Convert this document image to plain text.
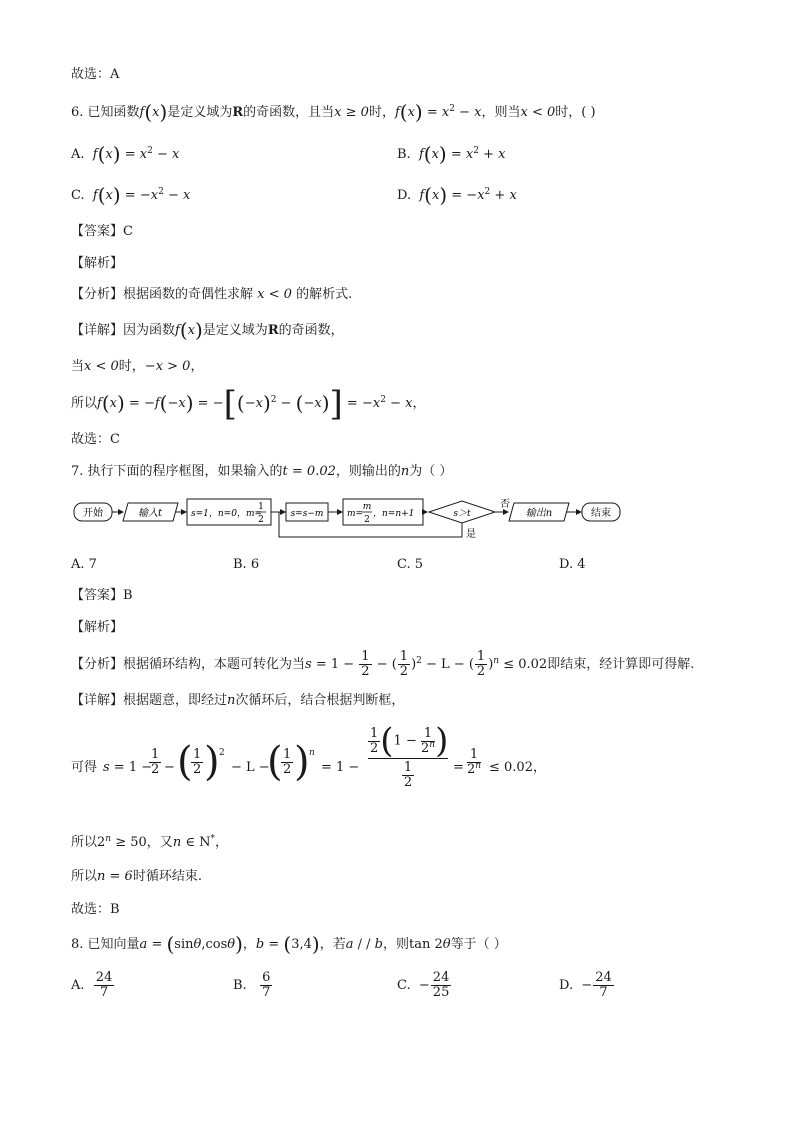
故选：A
6. 已知函数f(x)是定义域为R的奇函数，且当x ≥ 0时，$f(x) = x^2 - x$，则当x < 0时，( )
A. $f(x) = x^2 - x$	B. $f(x) = x^2 + x$
C. $f(x) = -x^2 - x$	D. $f(x) = -x^2 + x$
【答案】C
【解析】
【分析】根据函数的奇偶性求解 x < 0 的解析式.
【详解】因为函数f(x)是定义域为R的奇函数，
当x < 0时，−x > 0，
所以$f(x) = -f(-x) = -[(-x)^2 - (-x)] = -x^2 - x$，
故选：C
7. 执行下面的程序框图，如果输入的t = 0.02，则输出的n为（ ）
开始	输入t	s=1，n=0，m=
1
2
s=s−m	m=
m
2
，n=n+1	s＞t
否
是
输出n	结束
A. 7	B. 6	C. 5	D. 4
【答案】B
【解析】
【分析】根据循环结构，本题可转化为当$s = 1 - \frac{1}{2}$ − ( $\frac{1}{2} )^2 - L$ − ( $\frac{1}{2} )^n \le 0.02$即结束，经计算即可得解.
【详解】根据题意，即经过n次循环后，结合根据判断框，
可得 s = 1 −
1
2 − ( 1
2 ) 2
− L −
( 1
2 ) n
= 1 −
$\frac{1}{2} (1 - \frac{1}{2^n}$ )
$\frac{1}{2}$	=
1
$2^n \le 0.02$，
所以$2^n \ge 50$，又n ∈ N*，
所以n = 6时循环结束.
故选：B
8. 已知向量a = (sinθ,cosθ)，b = (3,4)，若a / / b，则tan 2θ等于（ ）
A. $\frac{24}{7}$	B. $\frac{6}{7}$	C.  − $\frac{24}{25}$	D.  − $\frac{24}{7}$
